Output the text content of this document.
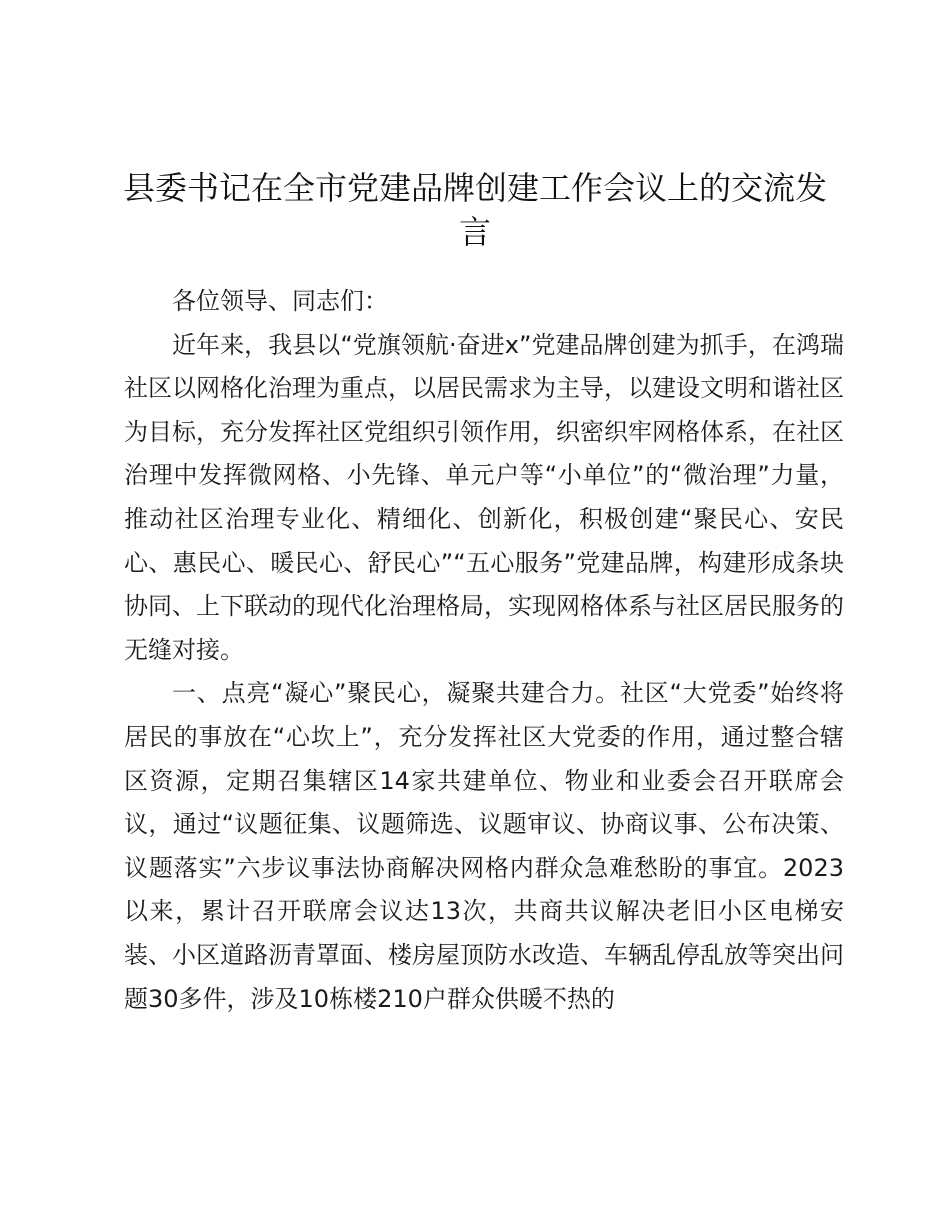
县委书记在全市党建品牌创建工作会议上的交流发言

各位领导、同志们：

近年来，我县以“党旗领航·奋进x”党建品牌创建为抓手，在鸿瑞社区以网格化治理为重点，以居民需求为主导，以建设文明和谐社区为目标，充分发挥社区党组织引领作用，织密织牢网格体系，在社区治理中发挥微网格、小先锋、单元户等“小单位”的“微治理”力量，推动社区治理专业化、精细化、创新化，积极创建“聚民心、安民心、惠民心、暖民心、舒民心”“五心服务”党建品牌，构建形成条块协同、上下联动的现代化治理格局，实现网格体系与社区居民服务的无缝对接。

一、点亮“凝心”聚民心，凝聚共建合力。社区“大党委”始终将居民的事放在“心坎上”，充分发挥社区大党委的作用，通过整合辖区资源，定期召集辖区14家共建单位、物业和业委会召开联席会议，通过“议题征集、议题筛选、议题审议、协商议事、公布决策、议题落实”六步议事法协商解决网格内群众急难愁盼的事宜。2023以来，累计召开联席会议达13次，共商共议解决老旧小区电梯安装、小区道路沥青罩面、楼房屋顶防水改造、车辆乱停乱放等突出问题30多件，涉及10栋楼210户群众供暖不热的
